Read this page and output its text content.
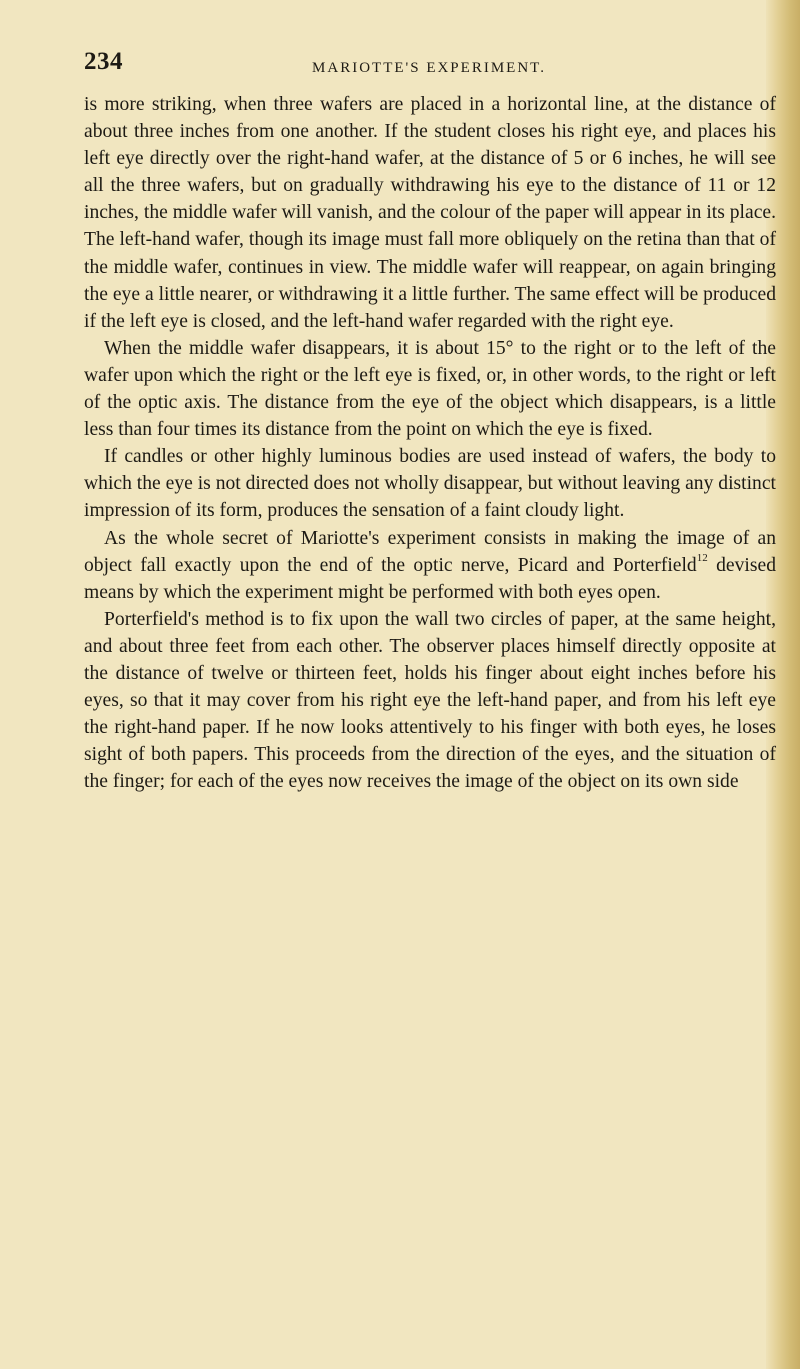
234	MARIOTTE'S EXPERIMENT.

is more striking, when three wafers are placed in a horizontal line, at the distance of about three inches from one another. If the student closes his right eye, and places his left eye directly over the right-hand wafer, at the distance of 5 or 6 inches, he will see all the three wafers, but on gradually withdrawing his eye to the distance of 11 or 12 inches, the middle wafer will vanish, and the colour of the paper will appear in its place. The left-hand wafer, though its image must fall more obliquely on the retina than that of the middle wafer, continues in view. The middle wafer will reappear, on again bringing the eye a little nearer, or withdrawing it a little further. The same effect will be produced if the left eye is closed, and the left-hand wafer regarded with the right eye.

When the middle wafer disappears, it is about 15° to the right or to the left of the wafer upon which the right or the left eye is fixed, or, in other words, to the right or left of the optic axis. The distance from the eye of the object which disappears, is a little less than four times its distance from the point on which the eye is fixed.

If candles or other highly luminous bodies are used instead of wafers, the body to which the eye is not directed does not wholly disappear, but without leaving any distinct impression of its form, produces the sensation of a faint cloudy light.

As the whole secret of Mariotte's experiment consists in making the image of an object fall exactly upon the end of the optic nerve, Picard and Porterfield$^{12}$ devised means by which the experiment might be performed with both eyes open.

Porterfield's method is to fix upon the wall two circles of paper, at the same height, and about three feet from each other. The observer places himself directly opposite at the distance of twelve or thirteen feet, holds his finger about eight inches before his eyes, so that it may cover from his right eye the left-hand paper, and from his left eye the right-hand paper. If he now looks attentively to his finger with both eyes, he loses sight of both papers. This proceeds from the direction of the eyes, and the situation of the finger; for each of the eyes now receives the image of the object on its own side
